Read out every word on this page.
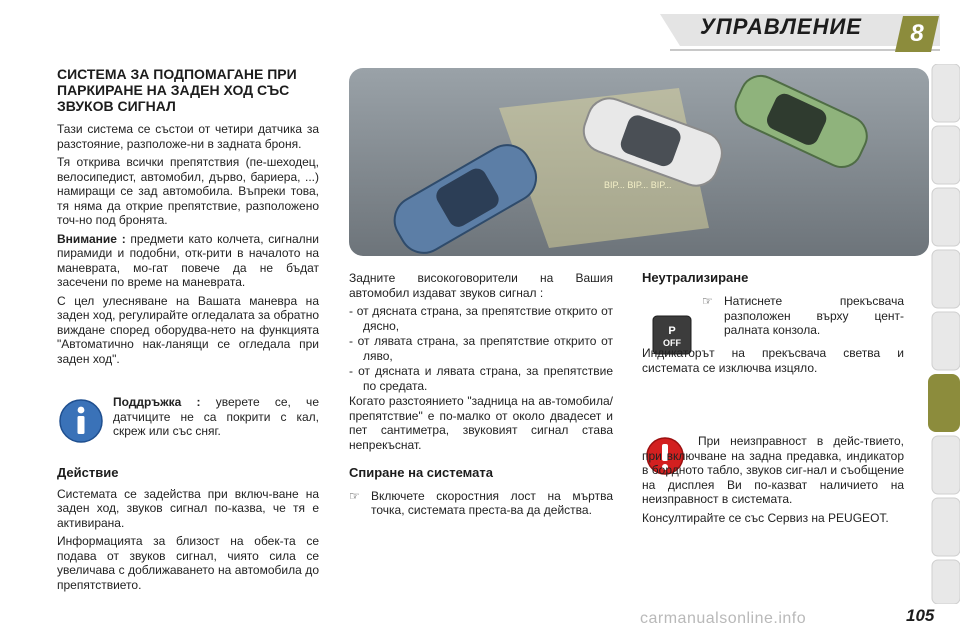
УПРАВЛЕНИЕ	8
СИСТЕМА ЗА ПОДПОМАГАНЕ ПРИ ПАРКИРАНЕ НА ЗАДЕН ХОД СЪС ЗВУКОВ СИГНАЛ

Тази система се състои от четири датчика за разстояние, разположе-ни в задната броня.

Тя открива всички препятствия (пе-шеходец, велосипедист, автомобил, дърво, бариера, ...) намиращи се зад автомобила. Въпреки това, тя няма да открие препятствие, разположено точ-но под бронята.

Внимание : предмети като колчета, сигнални пирамиди и подобни, отк-рити в началото на маневрата, мо-гат повече да не бъдат засечени по време на маневрата.

С цел улесняване на Вашата маневра на заден ход, регулирайте огледалата за обратно виждане според оборудва-нето на функцията "Автоматично нак-ланящи се огледала при заден ход".

Поддръжка : уверете се, че датчиците не са покрити с кал, скреж или със сняг.

Действие

Системата се задейства при включ-ване на заден ход, звуков сигнал по-казва, че тя е активирана.

Информацията за близост на обек-та се подава от звуков сигнал, чиято сила се увеличава с доближаването на автомобила до препятствието.

BIP... BIP... BIP...

Задните високоговорители на Вашия автомобил издават звуков сигнал :

- от дясната страна, за препятствие открито от дясно,
- от лявата страна, за препятствие открито от ляво,
- от дясната и лявата страна, за препятствие по средата.

Когато разстоянието "задница на ав-томобила/препятствие" е по-малко от около двадесет и пет сантиметра, звуковият сигнал става непрекъснат.

Спиране на системата
☞ Включете скоростния лост на мъртва точка, системата преста-ва да действа.

Неутрализиране
P
OFF
☞ Натиснете прекъсвача разположен върху цент-ралната конзола.

Индикаторът на прекъсвача светва и системата се изключва изцяло.

При неизправност в дейс-твието, при включване на задна предавка, индикатор в бордното табло, звуков сиг-нал и съобщение на дисплея Ви по-казват наличието на неизправност в системата.

Консултирайте се със Сервиз на PEUGEOT.

carmanualsonline.info	105
